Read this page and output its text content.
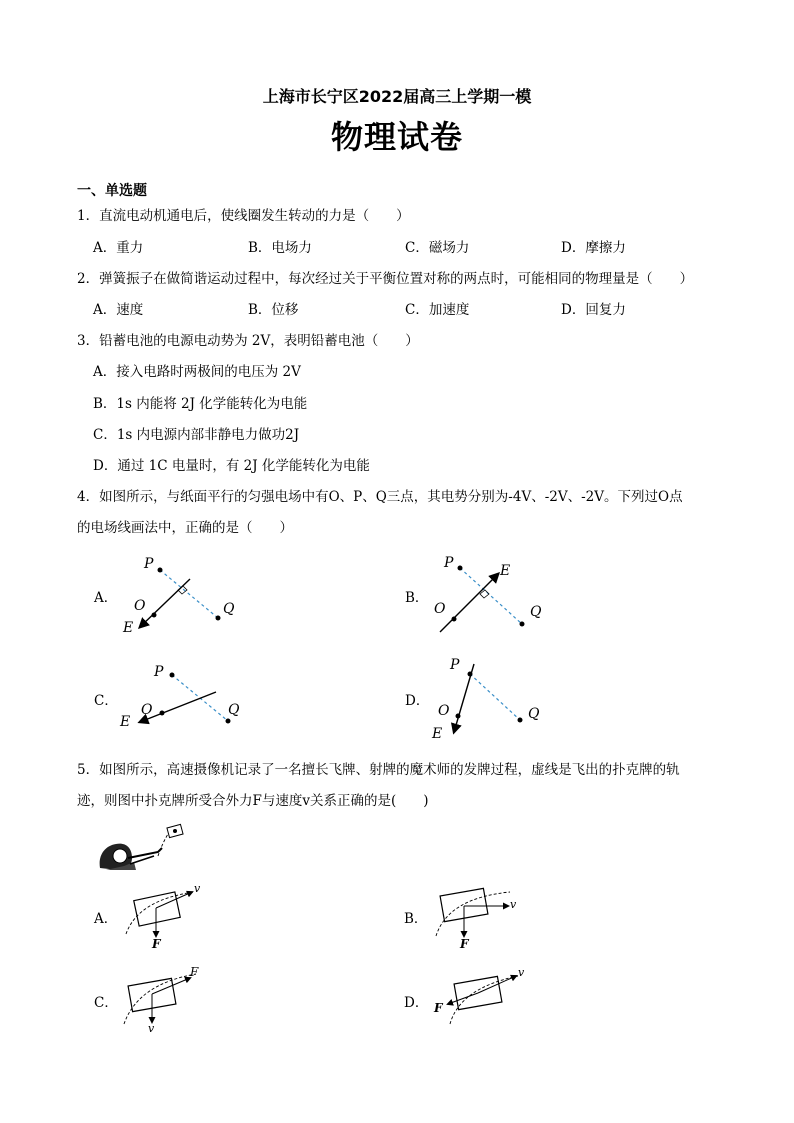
上海市长宁区2022届高三上学期一模
物理试卷
一、单选题
1．直流电动机通电后，使线圈发生转动的力是（　　）
A．重力	B．电场力	C．磁场力	D．摩擦力
2．弹簧振子在做简谐运动过程中，每次经过关于平衡位置对称的两点时，可能相同的物理量是（　　）
A．速度	B．位移	C．加速度	D．回复力
3．铅蓄电池的电源电动势为 2V，表明铅蓄电池（　　）
A．接入电路时两极间的电压为 2V
B．1s 内能将 2J 化学能转化为电能
C．1s 内电源内部非静电力做功2J
D．通过 1C 电量时，有 2J 化学能转化为电能
4．如图所示，与纸面平行的匀强电场中有O、P、Q三点，其电势分别为-4V、-2V、-2V。下列过O点
的电场线画法中，正确的是（　　）
A．	B．
C．	D．
P
O	Q
E
P
O	Q
E
P
O	Q
E
P
O	Q
E
5．如图所示，高速摄像机记录了一名擅长飞牌、射牌的魔术师的发牌过程，虚线是飞出的扑克牌的轨
迹，则图中扑克牌所受合外力F与速度v关系正确的是(　　)
A．	B．
C．	D．
v
F
v
F
F
v
v
F
